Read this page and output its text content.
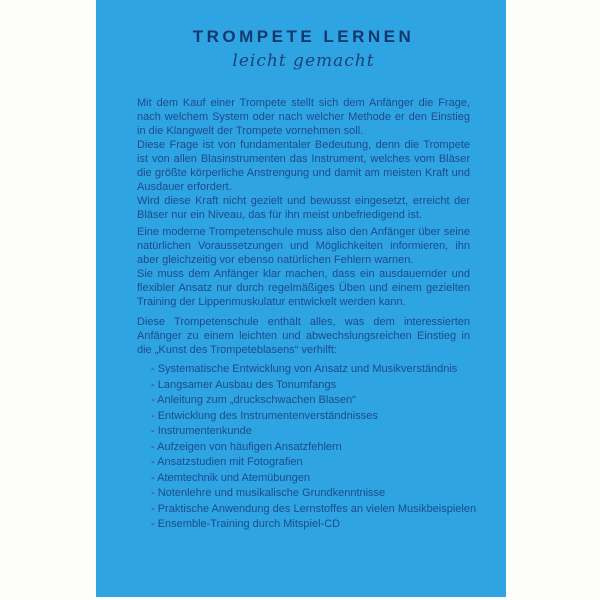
TROMPETE LERNEN
leicht gemacht

Mit dem Kauf einer Trompete stellt sich dem Anfänger die Frage, nach welchem System oder nach welcher Methode er den Einstieg in die Klangwelt der Trompete vornehmen soll.

Diese Frage ist von fundamentaler Bedeutung, denn die Trompete ist von allen Blasinstrumenten das Instrument, welches vom Bläser die größte körperliche Anstrengung und damit am meisten Kraft und Ausdauer erfordert.

Wird diese Kraft nicht gezielt und bewusst eingesetzt, erreicht der Bläser nur ein Niveau, das für ihn meist unbefriedigend ist.

Eine moderne Trompetenschule muss also den Anfänger über seine natürlichen Voraussetzungen und Möglichkeiten informieren, ihn aber gleichzeitig vor ebenso natürlichen Fehlern warnen.

Sie muss dem Anfänger klar machen, dass ein ausdauernder und flexibler Ansatz nur durch regelmäßiges Üben und einem gezielten Training der Lippenmuskulatur entwickelt werden kann.

Diese Trompetenschule enthält alles, was dem interessierten Anfänger zu einem leichten und abwechslungsreichen Einstieg in die „Kunst des Trompeteblasens“ verhilft:

- Systematische Entwicklung von Ansatz und Musikverständnis
- Langsamer Ausbau des Tonumfangs
- Anleitung zum „druckschwachen Blasen“
- Entwicklung des Instrumentenverständnisses
- Instrumentenkunde
- Aufzeigen von häufigen Ansatzfehlern
- Ansatzstudien mit Fotografien
- Atemtechnik und Atemübungen
- Notenlehre und musikalische Grundkenntnisse
- Praktische Anwendung des Lernstoffes an vielen Musikbeispielen
- Ensemble-Training durch Mitspiel-CD
